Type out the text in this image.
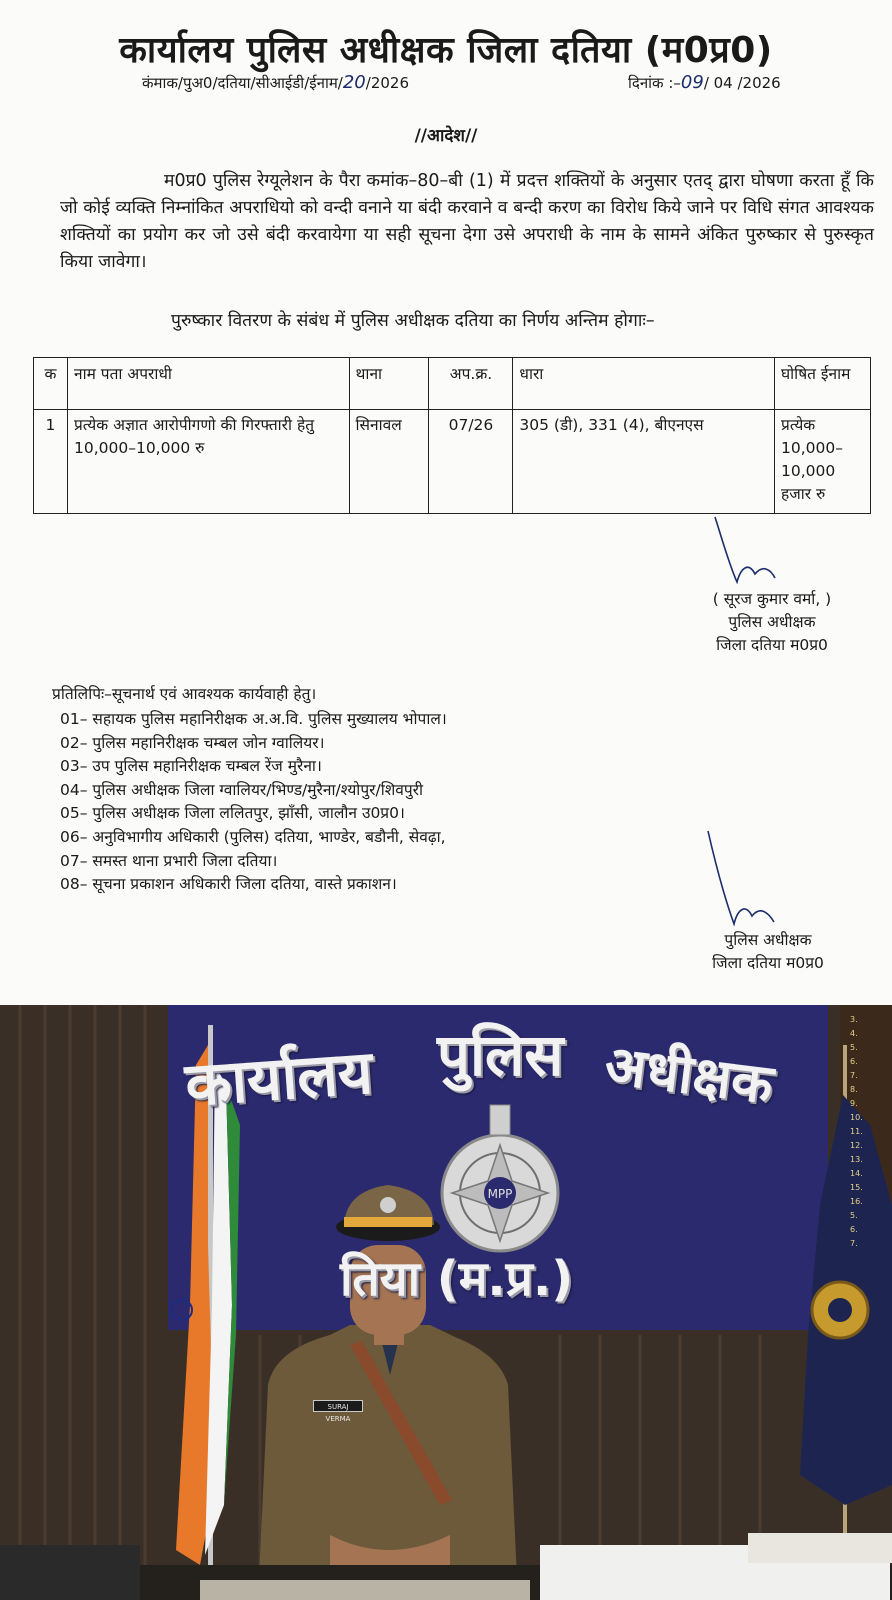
कार्यालय पुलिस अधीक्षक जिला दतिया (म0प्र0)
कंमाक/पुअ0/दतिया/सीआईडी/ईनाम/20/2026	दिनांक :–09/ 04 /2026
//आदेश//

म0प्र0 पुलिस रेग्यूलेशन के पैरा कमांक–80–बी (1) में प्रदत्त शक्तियों के अनुसार एतद् द्वारा घोषणा करता हूँ कि जो कोई व्यक्ति निम्नांकित अपराधियो को वन्दी वनाने या बंदी करवाने व बन्दी करण का विरोध किये जाने पर विधि संगत आवश्यक शक्तियों का प्रयोग कर जो उसे बंदी करवायेगा या सही सूचना देगा उसे अपराधी के नाम के सामने अंकित पुरुष्कार से पुरुस्कृत किया जावेगा।

पुरुष्कार वितरण के संबंध में पुलिस अधीक्षक दतिया का निर्णय अन्तिम होगाः–

क	नाम पता अपराधी	थाना	अप.क्र.	धारा	घोषित ईनाम
1	प्रत्येक अज्ञात आरोपीगणो की गिरफ्तारी हेतु 10,000–10,000 रु	सिनावल	07/26	305 (डी), 331 (4), बीएनएस	प्रत्येक 10,000–10,000 हजार रु
( सूरज कुमार वर्मा, )
पुलिस अधीक्षक
जिला दतिया म0प्र0
प्रतिलिपिः–सूचनार्थ एवं आवश्यक कार्यवाही हेतु।
01– सहायक पुलिस महानिरीक्षक अ.अ.वि. पुलिस मुख्यालय भोपाल।
02– पुलिस महानिरीक्षक चम्बल जोन ग्वालियर।
03– उप पुलिस महानिरीक्षक चम्बल रेंज मुरैना।
04– पुलिस अधीक्षक जिला ग्वालियर/भिण्ड/मुरैना/श्योपुर/शिवपुरी
05– पुलिस अधीक्षक जिला ललितपुर, झाँसी, जालौन उ0प्र0।
06– अनुविभागीय अधिकारी (पुलिस) दतिया, भाण्डेर, बडौनी, सेवढ़ा,
07– समस्त थाना प्रभारी जिला दतिया।
08– सूचना प्रकाशन अधिकारी जिला दतिया, वास्ते प्रकाशन।
पुलिस अधीक्षक
जिला दतिया म0प्र0
MPP
कार्यालय पुलिस अधीक्षक
तिया (म.प्र.)
SURAJ VERMA
3.
4.
5.
6.
7.
8.
9.
10.
11.
12.
13.
14.
15.
16.
5.
6.
7.
